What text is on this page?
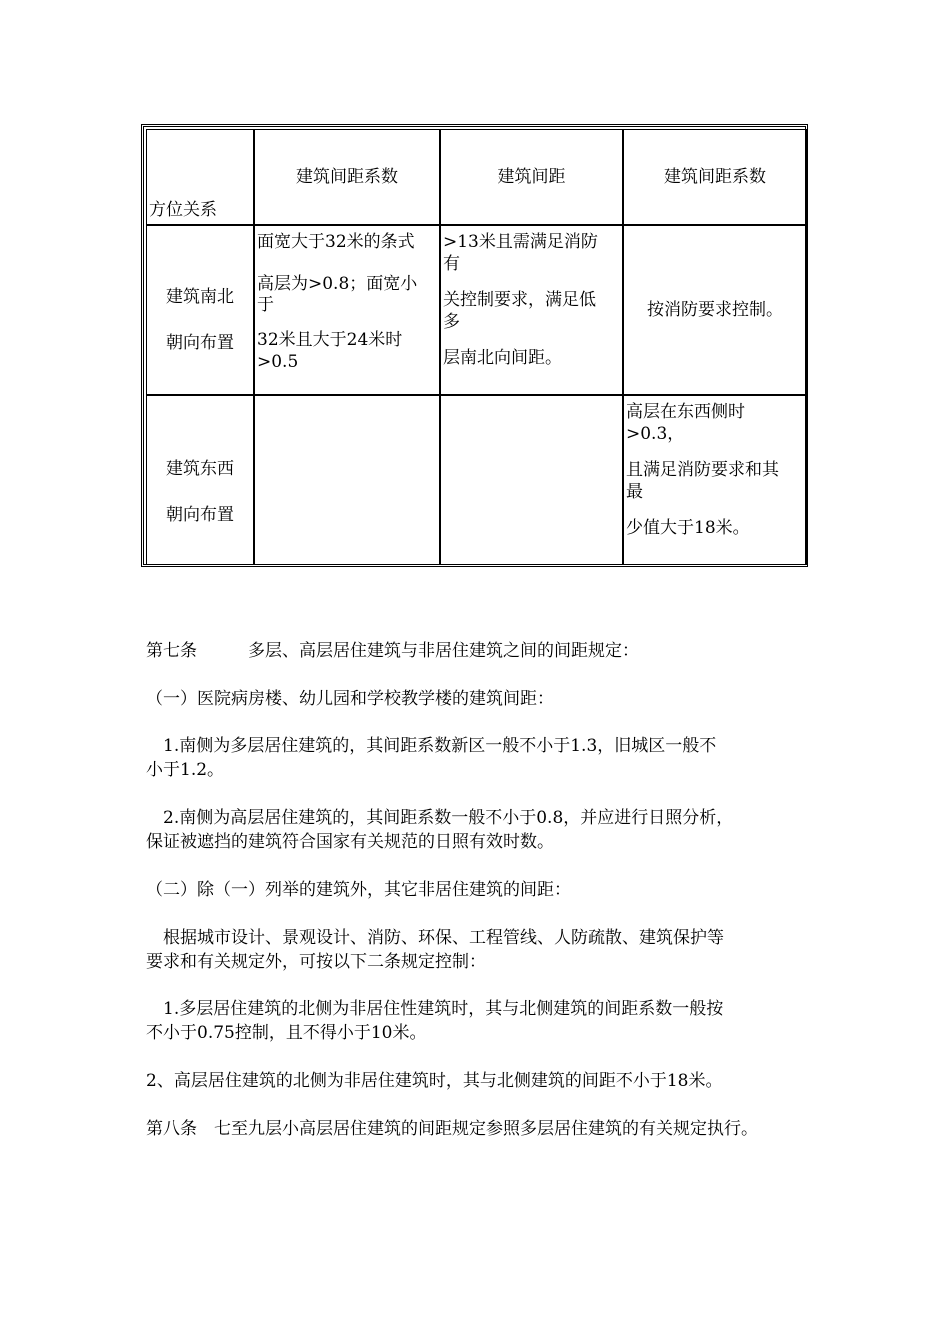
方位关系
建筑间距系数	建筑间距	建筑间距系数
建筑南北
朝向布置
面宽大于32米的条式
高层为>0.8；面宽小
于
32米且大于24米时
>0.5
>13米且需满足消防
有
关控制要求，满足低
多
层南北向间距。
按消防要求控制。
建筑东西
朝向布置
高层在东西侧时
>0.3，
且满足消防要求和其
最
少值大于18米。
第七条　　　多层、高层居住建筑与非居住建筑之间的间距规定：
（一）医院病房楼、幼儿园和学校教学楼的建筑间距：
　1.南侧为多层居住建筑的，其间距系数新区一般不小于1.3，旧城区一般不
小于1.2。
　2.南侧为高层居住建筑的，其间距系数一般不小于0.8，并应进行日照分析，
保证被遮挡的建筑符合国家有关规范的日照有效时数。
（二）除（一）列举的建筑外，其它非居住建筑的间距：
　根据城市设计、景观设计、消防、环保、工程管线、人防疏散、建筑保护等
要求和有关规定外，可按以下二条规定控制：
　1.多层居住建筑的北侧为非居住性建筑时，其与北侧建筑的间距系数一般按
不小于0.75控制，且不得小于10米。
2、高层居住建筑的北侧为非居住建筑时，其与北侧建筑的间距不小于18米。
第八条　七至九层小高层居住建筑的间距规定参照多层居住建筑的有关规定执行。
